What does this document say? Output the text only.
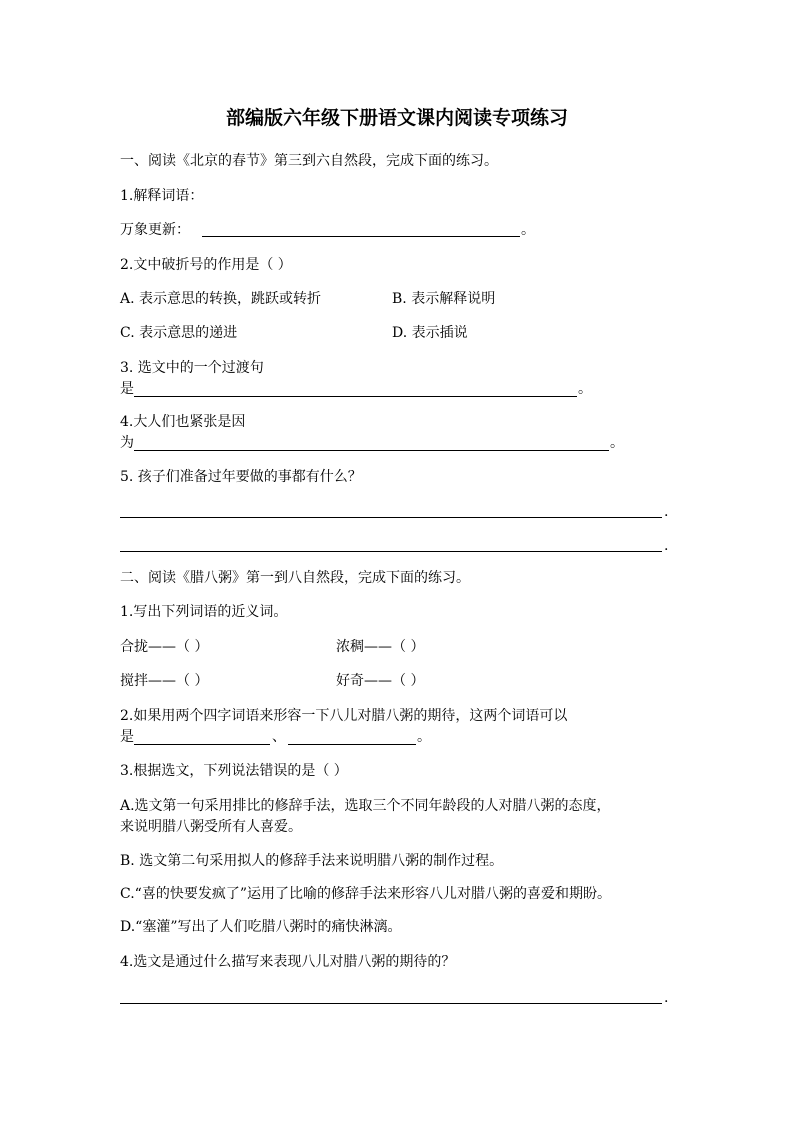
部编版六年级下册语文课内阅读专项练习
一、阅读《北京的春节》第三到六自然段，完成下面的练习。
1.解释词语：
万象更新：	。
2.文中破折号的作用是（ ）
A. 表示意思的转换，跳跃或转折	B. 表示解释说明
C. 表示意思的递进	D. 表示插说
3. 选文中的一个过渡句
是	。
4.大人们也紧张是因
为	。
5. 孩子们准备过年要做的事都有什么？
.
.
二、阅读《腊八粥》第一到八自然段，完成下面的练习。
1.写出下列词语的近义词。
合拢——（ ）	浓稠——（ ）
搅拌——（ ）	好奇——（ ）
2.如果用两个四字词语来形容一下八儿对腊八粥的期待，这两个词语可以
是	、	。
3.根据选文，下列说法错误的是（ ）
A.选文第一句采用排比的修辞手法，选取三个不同年龄段的人对腊八粥的态度，
来说明腊八粥受所有人喜爱。
B. 选文第二句采用拟人的修辞手法来说明腊八粥的制作过程。
C.“喜的快要发疯了”运用了比喻的修辞手法来形容八儿对腊八粥的喜爱和期盼。
D.“塞灌”写出了人们吃腊八粥时的痛快淋漓。
4.选文是通过什么描写来表现八儿对腊八粥的期待的？
.
